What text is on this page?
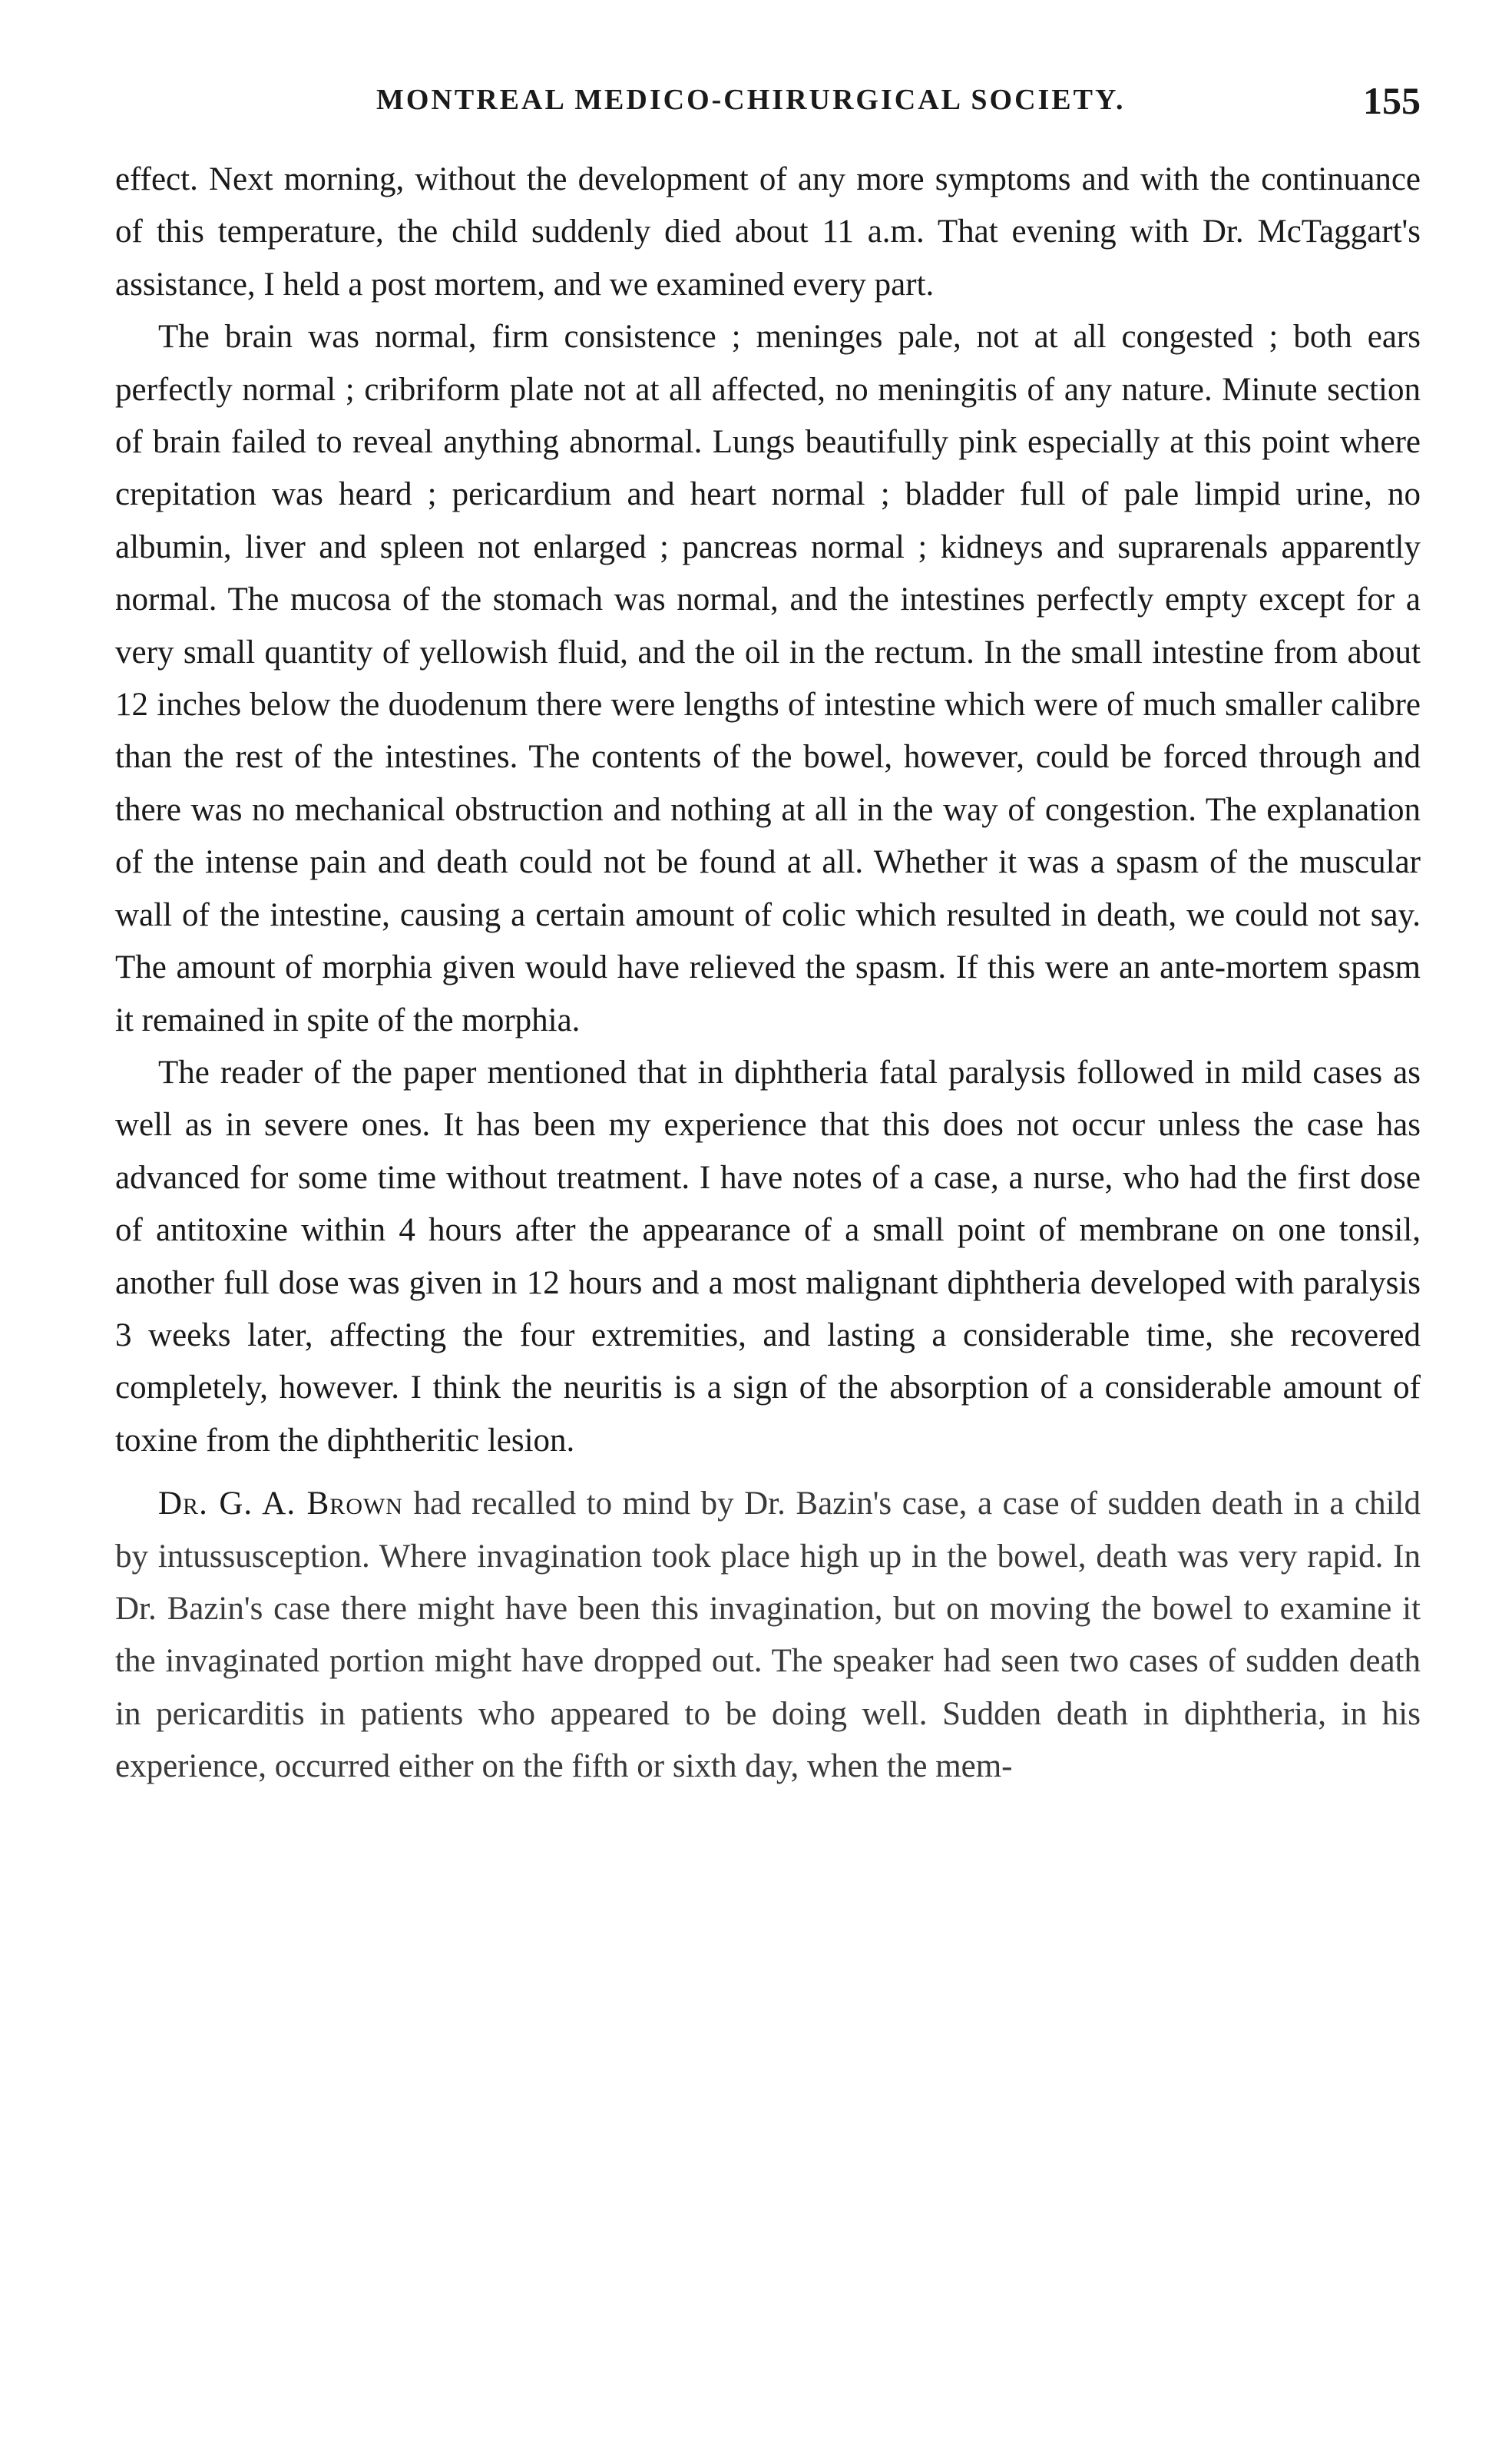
MONTREAL MEDICO-CHIRURGICAL SOCIETY.	155

effect. Next morning, without the development of any more symptoms and with the continuance of this temperature, the child suddenly died about 11 a.m. That evening with Dr. McTaggart's assistance, I held a post mortem, and we examined every part.

The brain was normal, firm consistence ; meninges pale, not at all congested ; both ears perfectly normal ; cribriform plate not at all affected, no meningitis of any nature. Minute section of brain failed to reveal anything abnormal. Lungs beautifully pink especially at this point where crepitation was heard ; pericardium and heart normal ; bladder full of pale limpid urine, no albumin, liver and spleen not enlarged ; pancreas normal ; kidneys and suprarenals apparently normal. The mucosa of the stomach was normal, and the intestines perfectly empty except for a very small quantity of yellowish fluid, and the oil in the rectum. In the small intestine from about 12 inches below the duodenum there were lengths of intestine which were of much smaller calibre than the rest of the intestines. The contents of the bowel, however, could be forced through and there was no mechanical obstruction and nothing at all in the way of congestion. The explanation of the intense pain and death could not be found at all. Whether it was a spasm of the muscular wall of the intestine, causing a certain amount of colic which resulted in death, we could not say. The amount of morphia given would have relieved the spasm. If this were an ante-mortem spasm it remained in spite of the morphia.

The reader of the paper mentioned that in diphtheria fatal paralysis followed in mild cases as well as in severe ones. It has been my experience that this does not occur unless the case has advanced for some time without treatment. I have notes of a case, a nurse, who had the first dose of antitoxine within 4 hours after the appearance of a small point of membrane on one tonsil, another full dose was given in 12 hours and a most malignant diphtheria developed with paralysis 3 weeks later, affecting the four extremities, and lasting a considerable time, she recovered completely, however. I think the neuritis is a sign of the absorption of a considerable amount of toxine from the diphtheritic lesion.

Dr. G. A. Brown had recalled to mind by Dr. Bazin's case, a case of sudden death in a child by intussusception. Where invagination took place high up in the bowel, death was very rapid. In Dr. Bazin's case there might have been this invagination, but on moving the bowel to examine it the invaginated portion might have dropped out. The speaker had seen two cases of sudden death in pericarditis in patients who appeared to be doing well. Sudden death in diphtheria, in his experience, occurred either on the fifth or sixth day, when the mem-
